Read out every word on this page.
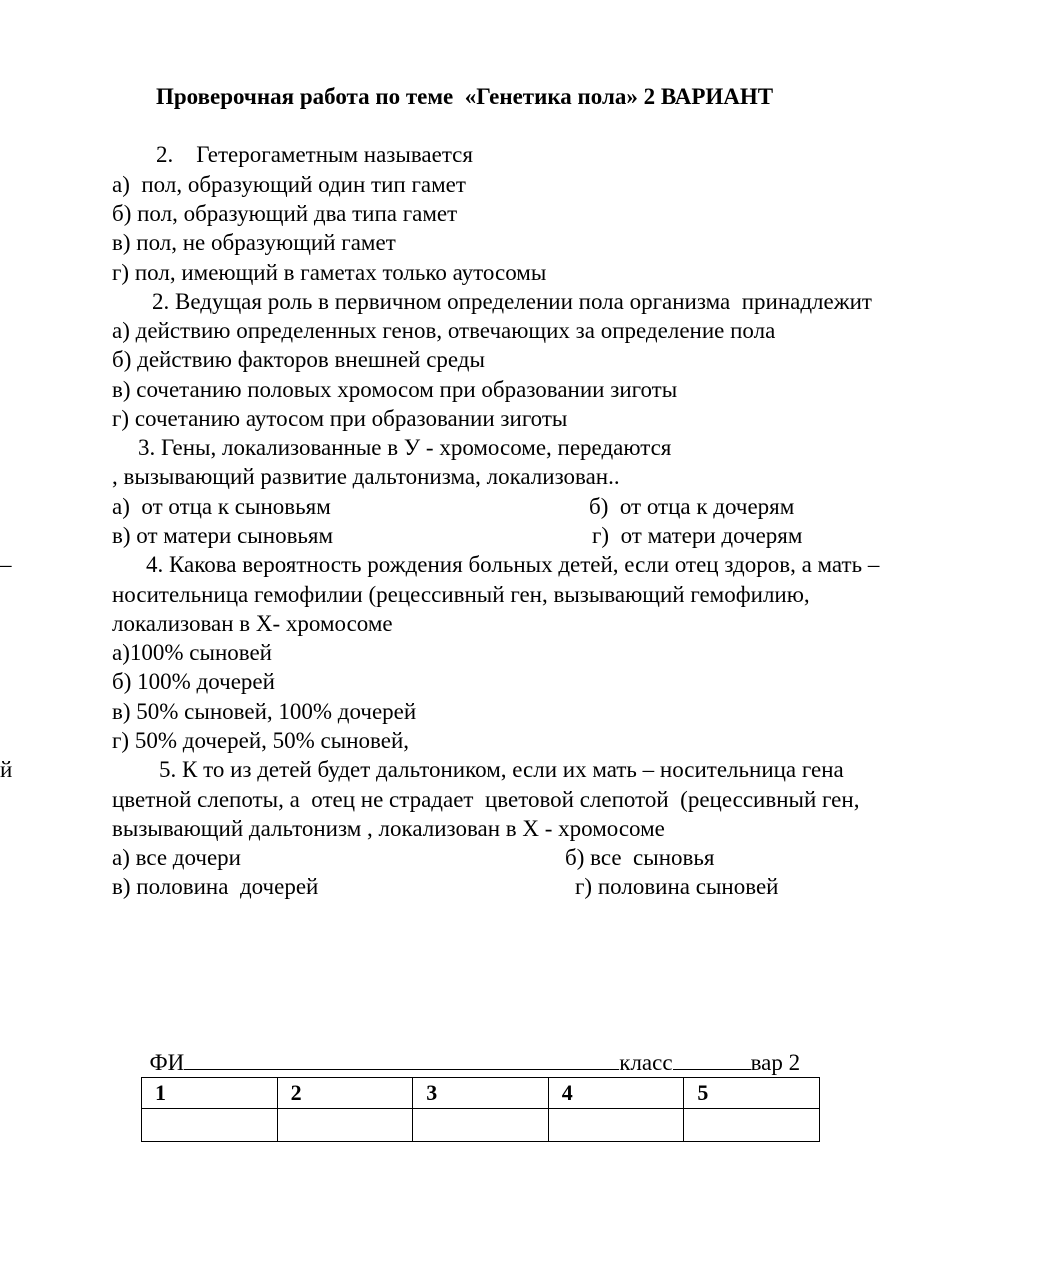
Проверочная работа по теме  «Генетика пола» 2 ВАРИАНТ
2.    Гетерогаметным называется
а)  пол, образующий один тип гамет
б) пол, образующий два типа гамет
в) пол, не образующий гамет
г) пол, имеющий в гаметах только аутосомы
2. Ведущая роль в первичном определении пола организма  принадлежит
а) действию определенных генов, отвечающих за определение пола
б) действию факторов внешней среды
в) сочетанию половых хромосом при образовании зиготы
г) сочетанию аутосом при образовании зиготы
3. Гены, локализованные в У - хромосоме, передаются
, вызывающий развитие дальтонизма, локализован..
а)  от отца к сыновьям	б)  от отца к дочерям
в) от матери сыновьям	г)  от матери дочерям
–	4. Какова вероятность рождения больных детей, если отец здоров, а мать –
носительница гемофилии (рецессивный ген, вызывающий гемофилию,
локализован в Х- хромосоме
а)100% сыновей
б) 100% дочерей
в) 50% сыновей, 100% дочерей
г) 50% дочерей, 50% сыновей,
й	5. К то из детей будет дальтоником, если их мать – носительница гена
цветной слепоты, а  отец не страдает  цветовой слепотой  (рецессивный ген,
вызывающий дальтонизм , локализован в Х - хромосоме
а) все дочери	б) все  сыновья
в) половина  дочерей	г) половина сыновей

ФИ	класс	вар 2

1	2	3	4	5
